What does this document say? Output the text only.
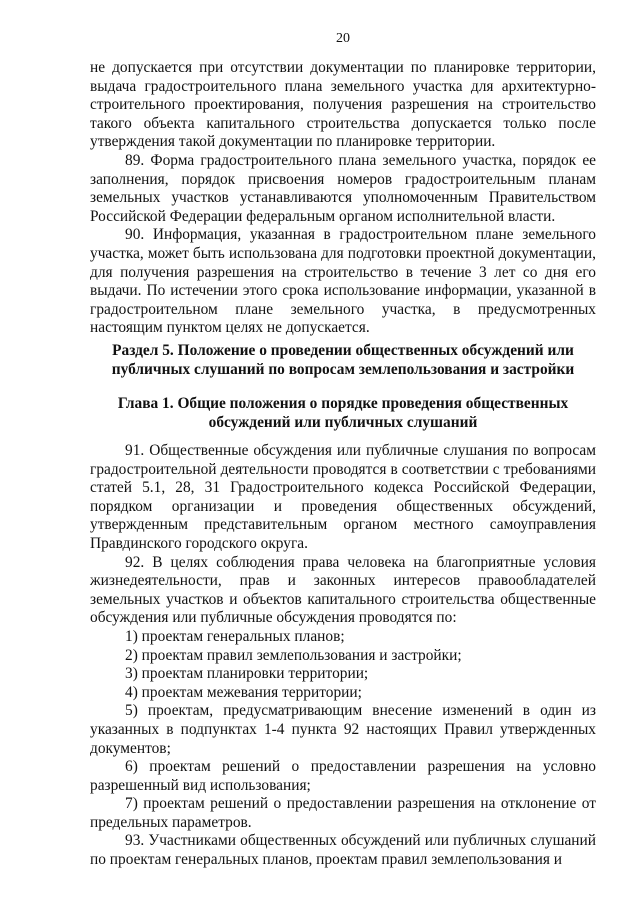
20

не допускается при отсутствии документации по планировке территории, выдача градостроительного плана земельного участка для архитектурно-строительного проектирования, получения разрешения на строительство такого объекта капитального строительства допускается только после утверждения такой документации по планировке территории.

89. Форма градостроительного плана земельного участка, порядок ее заполнения, порядок присвоения номеров градостроительным планам земельных участков устанавливаются уполномоченным Правительством Российской Федерации федеральным органом исполнительной власти.

90. Информация, указанная в градостроительном плане земельного участка, может быть использована для подготовки проектной документации, для получения разрешения на строительство в течение 3 лет со дня его выдачи. По истечении этого срока использование информации, указанной в градостроительном плане земельного участка, в предусмотренных настоящим пунктом целях не допускается.

Раздел 5. Положение о проведении общественных обсуждений или публичных слушаний по вопросам землепользования и застройки
Глава 1. Общие положения о порядке проведения общественных обсуждений или публичных слушаний

91. Общественные обсуждения или публичные слушания по вопросам градостроительной деятельности проводятся в соответствии с требованиями статей 5.1, 28, 31 Градостроительного кодекса Российской Федерации, порядком организации и проведения общественных обсуждений, утвержденным представительным органом местного самоуправления Правдинского городского округа.

92. В целях соблюдения права человека на благоприятные условия жизнедеятельности, прав и законных интересов правообладателей земельных участков и объектов капитального строительства общественные обсуждения или публичные обсуждения проводятся по:

1) проектам генеральных планов;

2) проектам правил землепользования и застройки;

3) проектам планировки территории;

4) проектам межевания территории;

5) проектам, предусматривающим внесение изменений в один из указанных в подпунктах 1-4 пункта 92 настоящих Правил утвержденных документов;

6) проектам решений о предоставлении разрешения на условно разрешенный вид использования;

7) проектам решений о предоставлении разрешения на отклонение от предельных параметров.

93. Участниками общественных обсуждений или публичных слушаний по проектам генеральных планов, проектам правил землепользования и
